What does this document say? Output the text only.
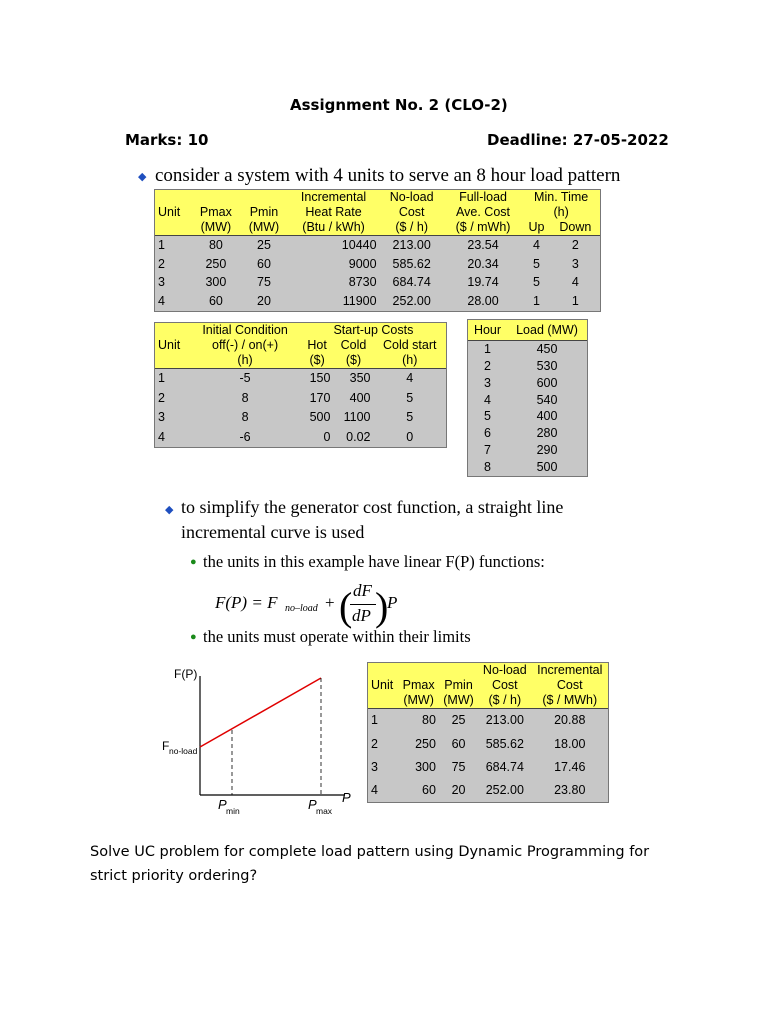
Assignment No. 2 (CLO-2)
Marks: 10	Deadline: 27-05-2022
◆ consider a system with 4 units to serve an 8 hour load pattern
			Incremental	No-load	Full-load	Min. Time	
Unit	Pmax	Pmin	Heat Rate	Cost	Ave. Cost	(h)	
	(MW)	(MW)	(Btu / kWh)	($ / h)	($ / mWh)	Up	Down
1	80	25	10440	213.00	23.54	4	2
2	250	60	9000	585.62	20.34	5	3
3	300	75	8730	684.74	19.74	5	4
4	60	20	11900	252.00	28.00	1	1
	Initial Condition	Start-up Costs		
Unit	off(-) / on(+)	Hot	Cold	Cold start
	(h)	($)	($)	(h)
1	-5	150	350	4
2	8	170	400	5
3	8	500	1100	5
4	-6	0	0.02	0
Hour	Load (MW)
1	450
2	530
3	600
4	540
5	400
6	280
7	290
8	500
◆ to simplify the generator cost function, a straight line
incremental curve is used
● the units in this example have linear F(P) functions:
F(P) = F no–load + ( dF
dP )
P
● the units must operate within their limits
F(P)
P
F no-load
P min	P max
			No-load	Incremental
Unit	Pmax	Pmin	Cost	Cost
	(MW)	(MW)	($ / h)	($ / MWh)
1	80	25	213.00	20.88
2	250	60	585.62	18.00
3	300	75	684.74	17.46
4	60	20	252.00	23.80
Solve UC problem for complete load pattern using Dynamic Programming for
strict priority ordering?
